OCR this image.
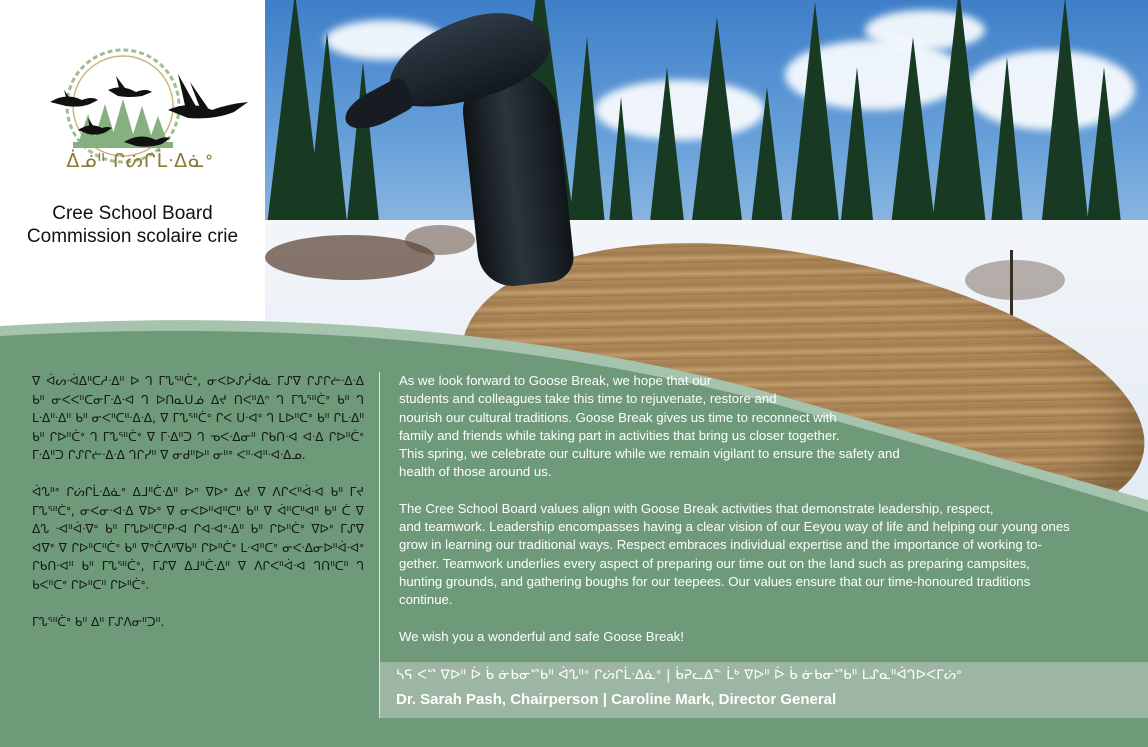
ᐄᓅᐦ ᒋᔖᒋᒫᐧᐃᓈᐤ
Cree School Board
Commission scolaire crie

ᐁ ᐋᔕᐧᐋᐃᐦᑕᓱᐧᐃᐦ ᐅ ᒉ ᒥᔐᕐᐦᑖᐤ, ᓂᐸᐅᔑᓲᐊᓈ ᒥᔑᐁ ᒋᔑᒋᓖᐧᐃᐧᐃ ᑲᐦ ᓂᐸᐸᐦᑕᓂᒥᐧᐃᐧᐊ ᒉ ᐅᑎᓇᑌᓅ ᐃᔪ ᑎᐸᐦᐃᐢ ᒉ ᒥᔐᕐᐦᑖᐤ ᑲᐦ ᒉ ᒪᐧᐃᐦᐧᐃᐦ ᑲᐦ ᓂᐸᐦᑕᐦᐧᐃᐧᐃ, ᐁ ᒥᔐᕐᐦᑖᐤ ᒋᐸ ᑌᐧᐊᐤ ᒉ ᒪᐅᐦᑕᐤ ᑲᐦ ᒋᒪᐧᐃᐦ ᑲᐦ ᒋᐅᐦᑖᐤ ᒉ ᒥᔐᕐᐦᑖᐤ ᐁ ᒥᐧᐃᐦᑐ ᒉ ᓀᐸᐧᐃᓂᐦ ᒋᑲᑎᐧᐊ ᐊᐧᐃ ᒋᐅᐦᑖᐤ ᒥᐧᐃᐦᑐ ᒋᔑᒋᓖᐧᐃᐧᐃ ᒉᒋᓯᐦ ᐁ ᓂᑯᐦᐅᐦ ᓂᐦᐤ ᐸᐦᐧᐊᐦᐧᐊᐧᐃᓄ.

ᐋᔐᐦᐤ ᒋᔖᒋᒫᐧᐃᓈᐤ ᐃᒧᐦᑖᐧᐃᐦ ᐅᐢ ᐁᐅᐤ ᐃᔪ ᐁ ᐱᒋᐸᐦᐋᐧᐊ ᑲᐦ ᒥᔪ ᒥᔐᕐᐦᑖᐤ, ᓂᐸᓂᐧᐊᐧᐃ ᐁᐅᐤ ᐁ ᓂᐸᐅᐦᐊᐦᑕᐦ ᑲᐦ ᐁ ᐋᐦᑕᐦᐊᐦ ᑲᐦ ᑖ ᐁ ᐃᔐ ᐧᐊᐦᐋᐧᐁᐤ ᑲᐦ ᒥᔐᐅᐦᑕᐦᑭᐧᐊ ᒋᐊᐧᐊᐤᐧᐃᐦ ᑲᐦ ᒋᐅᐦᑖᐤ ᐁᐅᐤ ᒥᔑᐁ ᐊᐁᐤ ᐁ ᒋᐅᐦᑕᐦᑖᐤ ᑲᐦ ᐁᐢᑖᐱᐦᐁᑲᐦ ᒋᐅᐦᑖᐤ ᒪᐧᐊᐦᑕᐤ ᓂᐸᐧᐃᓂᐅᐦᐋᐧᐊᐤ ᒋᑲᑎᐧᐊᐦ ᑲᐦ ᒥᔐᕐᐦᑖᐤ, ᒥᔑᐁ ᐃᒧᐦᑖᐧᐃᐦ ᐁ ᐱᒋᐸᐦᐋᐧᐊ ᒉᑎᐦᑕᐦ ᒉ ᑲᐸᐦᑕᐤ ᒋᐅᐦᑕᐦ ᒋᐅᐦᑖᐤ.

ᒥᔐᕐᐦᑖᐤ ᑲᐦ ᐃᐦ ᒥᔑᐱᓂᐦᑐᐦ.

As we look forward to Goose Break, we hope that our
students and colleagues take this time to rejuvenate, restore and
nourish our cultural traditions. Goose Break gives us time to reconnect with
family and friends while taking part in activities that bring us closer together.
This spring, we celebrate our culture while we remain vigilant to ensure the safety and
health of those around us.

The Cree School Board values align with Goose Break activities that demonstrate leadership, respect,
and teamwork. Leadership encompasses having a clear vision of our Eeyou way of life and helping our young ones
grow in learning our traditional ways. Respect embraces individual expertise and the importance of working to-
gether. Teamwork underlies every aspect of preparing our time out on the land such as preparing campsites,
hunting grounds, and gathering boughs for our teepees. Our values ensure that our time-honoured traditions
continue.

We wish you a wonderful and safe Goose Break!

ᓴᕋ ᐸᔥ ᐁᐅᐦ ᐆ ᑳ ᓃᑲᓂᔥᑲᐦ ᐋᔐᐦᐤ ᒋᔖᒋᒫᐧᐃᓈᐤ | ᑳᕈᓚᐃᓐ ᒫᒃ ᐁᐅᐦ ᐆ ᑳ ᓃᑲᓂᔥᑲᐦ ᒪᔑᓇᐦᐋᒉᐅᐸᒥᔖᐤ
Dr. Sarah Pash, Chairperson | Caroline Mark, Director General
